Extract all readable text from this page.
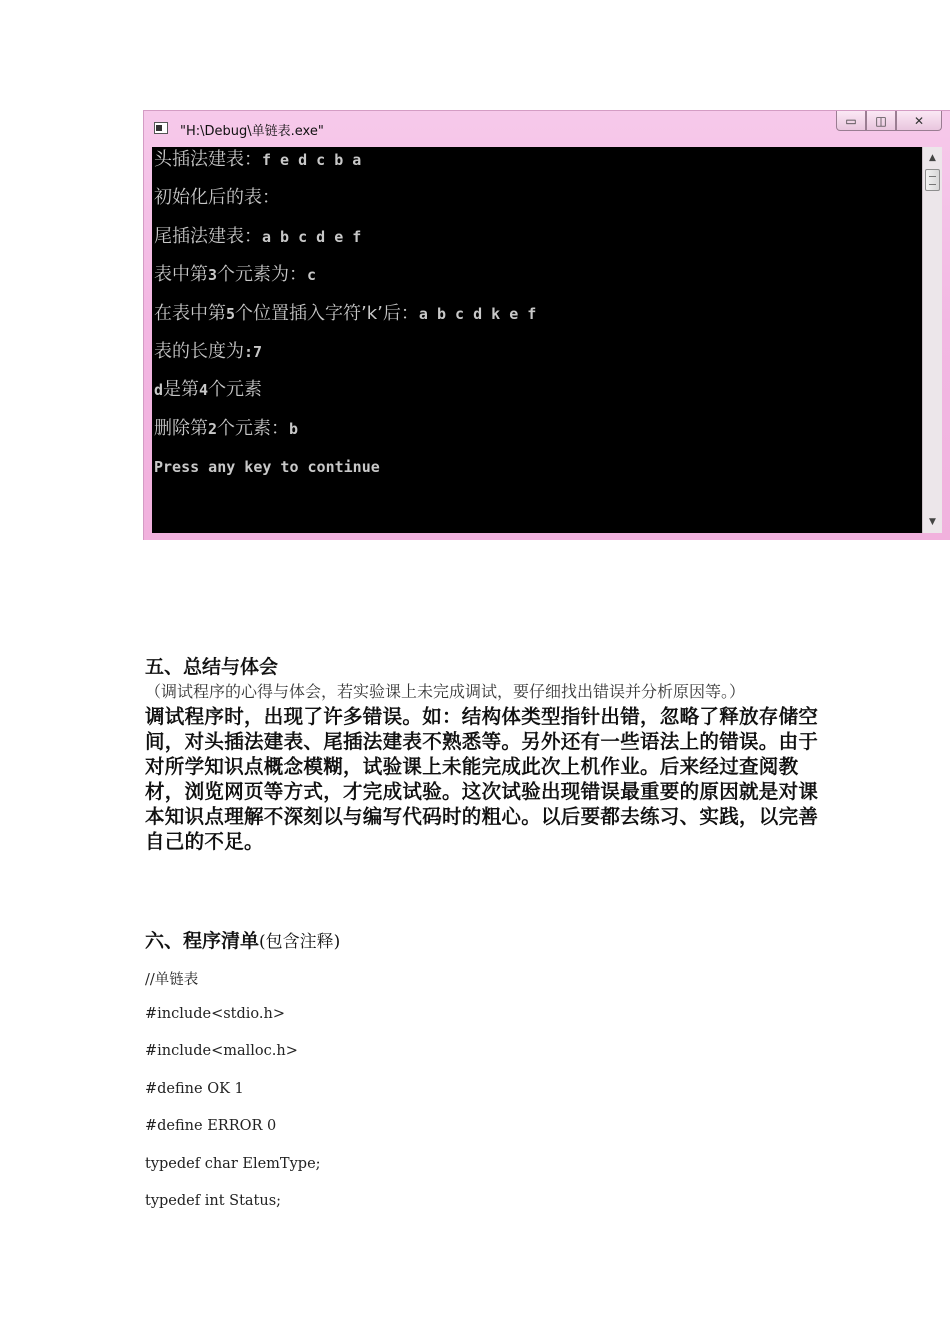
"H:\Debug\单链表.exe"
▭ ◫ ✕
头插法建表：f e d c b a
初始化后的表：
尾插法建表：a b c d e f
表中第3个元素为：c
在表中第5个位置插入字符’k’后：a b c d k e f
表的长度为:7
d是第4个元素
删除第2个元素：b
Press any key to continue
▲
▼
五、总结与体会
（调试程序的心得与体会，若实验课上未完成调试，要仔细找出错误并分析原因等。）
调试程序时，出现了许多错误。如：结构体类型指针出错，忽略了释放存储空间，对头插法建表、尾插法建表不熟悉等。另外还有一些语法上的错误。由于对所学知识点概念模糊，试验课上未能完成此次上机作业。后来经过查阅教材，浏览网页等方式，才完成试验。这次试验出现错误最重要的原因就是对课本知识点理解不深刻以与编写代码时的粗心。以后要都去练习、实践，以完善自己的不足。
六、程序清单(包含注释)
//单链表
#include<stdio.h>
#include<malloc.h>
#define OK 1
#define ERROR 0
typedef char ElemType;
typedef int Status;
